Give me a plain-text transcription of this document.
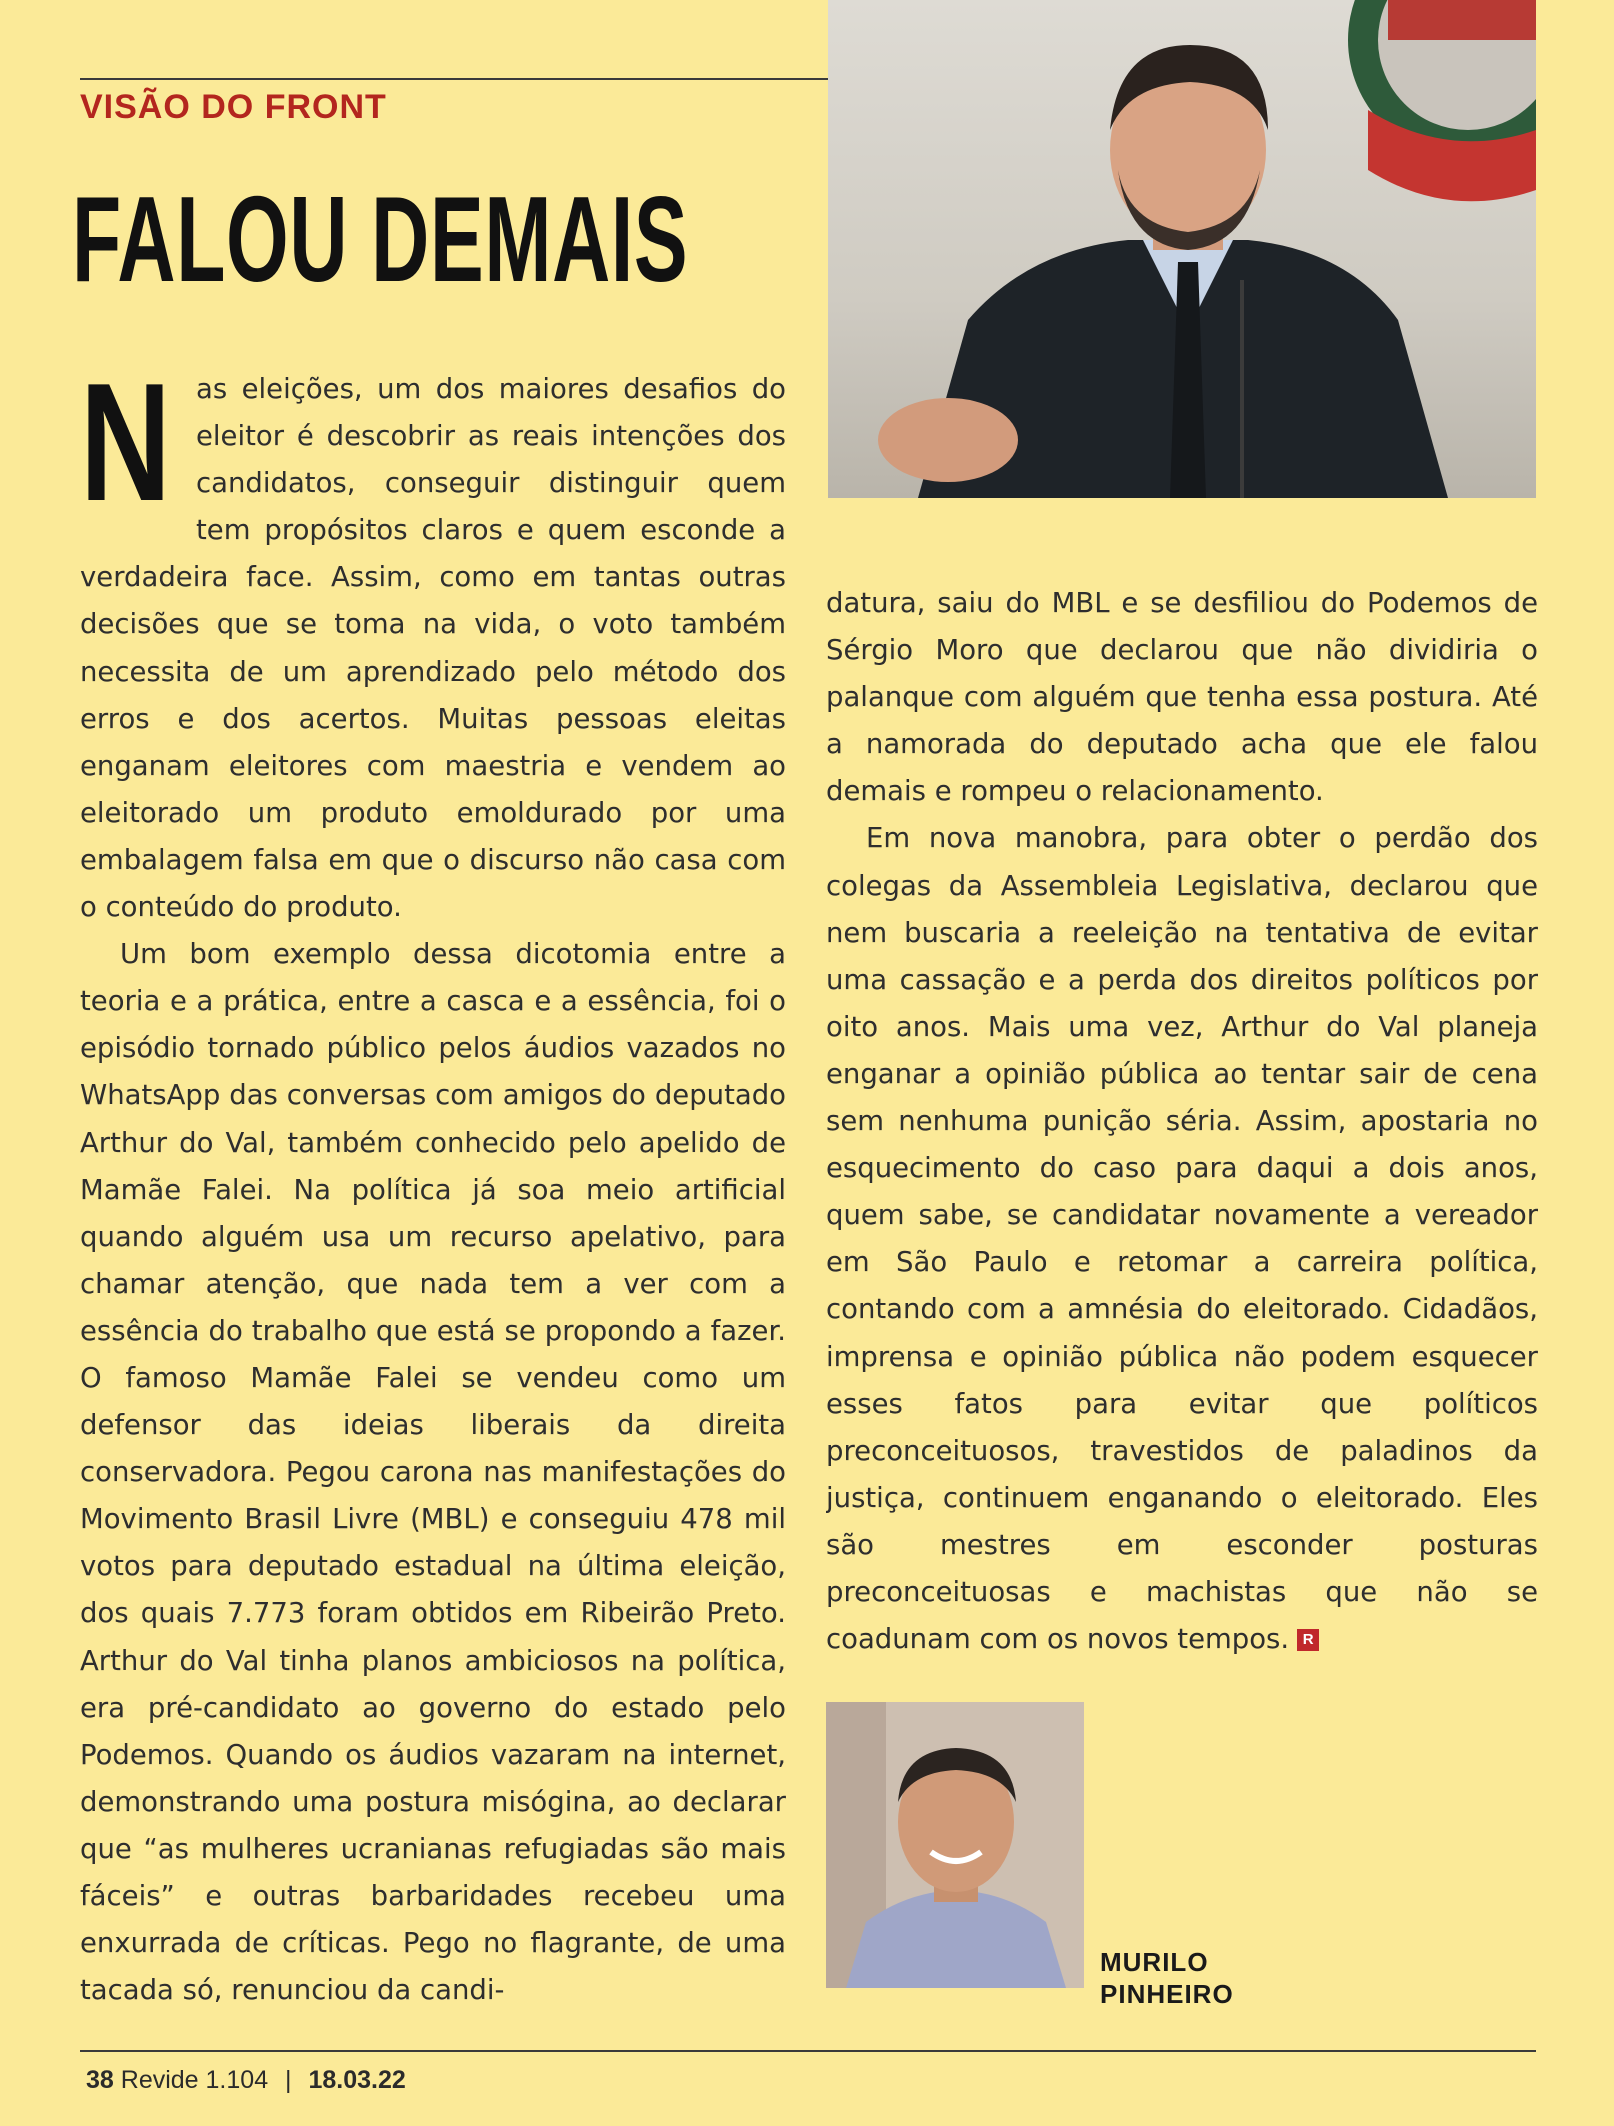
VISÃO DO FRONT
FALOU DEMAIS

Nas eleições, um dos maiores desafios do eleitor é descobrir as reais intenções dos candidatos, conseguir distinguir quem tem propósitos claros e quem esconde a verdadeira face. Assim, como em tantas outras decisões que se toma na vida, o voto também necessita de um aprendizado pelo método dos erros e dos acertos. Muitas pessoas eleitas enganam eleitores com maestria e vendem ao eleitorado um produto emoldurado por uma embalagem falsa em que o discurso não casa com o conteúdo do produto.

Um bom exemplo dessa dicotomia entre a teoria e a prática, entre a casca e a essência, foi o episódio tornado público pelos áudios vazados no WhatsApp das conversas com amigos do deputado Arthur do Val, também conhecido pelo apelido de Mamãe Falei. Na política já soa meio artificial quando alguém usa um recurso apelativo, para chamar atenção, que nada tem a ver com a essência do trabalho que está se propondo a fazer. O famoso Mamãe Falei se vendeu como um defensor das ideias liberais da direita conservadora. Pegou carona nas manifestações do Movimento Brasil Livre (MBL) e conseguiu 478 mil votos para deputado estadual na última eleição, dos quais 7.773 foram obtidos em Ribeirão Preto. Arthur do Val tinha planos ambiciosos na política, era pré-candidato ao governo do estado pelo Podemos. Quando os áudios vazaram na internet, demonstrando uma postura misógina, ao declarar que “as mulheres ucranianas refugiadas são mais fáceis” e outras barbaridades recebeu uma enxurrada de críticas. Pego no flagrante, de uma tacada só, renunciou da candi-

datura, saiu do MBL e se desfiliou do Podemos de Sérgio Moro que declarou que não dividiria o palanque com alguém que tenha essa postura. Até a namorada do deputado acha que ele falou demais e rompeu o relacionamento.

Em nova manobra, para obter o perdão dos colegas da Assembleia Legislativa, declarou que nem buscaria a reeleição na tentativa de evitar uma cassação e a perda dos direitos políticos por oito anos. Mais uma vez, Arthur do Val planeja enganar a opinião pública ao tentar sair de cena sem nenhuma punição séria. Assim, apostaria no esquecimento do caso para daqui a dois anos, quem sabe, se candidatar novamente a vereador em São Paulo e retomar a carreira política, contando com a amnésia do eleitorado. Cidadãos, imprensa e opinião pública não podem esquecer esses fatos para evitar que políticos preconceituosos, travestidos de paladinos da justiça, continuem enganando o eleitorado. Eles são mestres em esconder posturas preconceituosas e machistas que não se coadunam com os novos tempos. R

MURILO
PINHEIRO
38 Revide 1.104 | 18.03.22
